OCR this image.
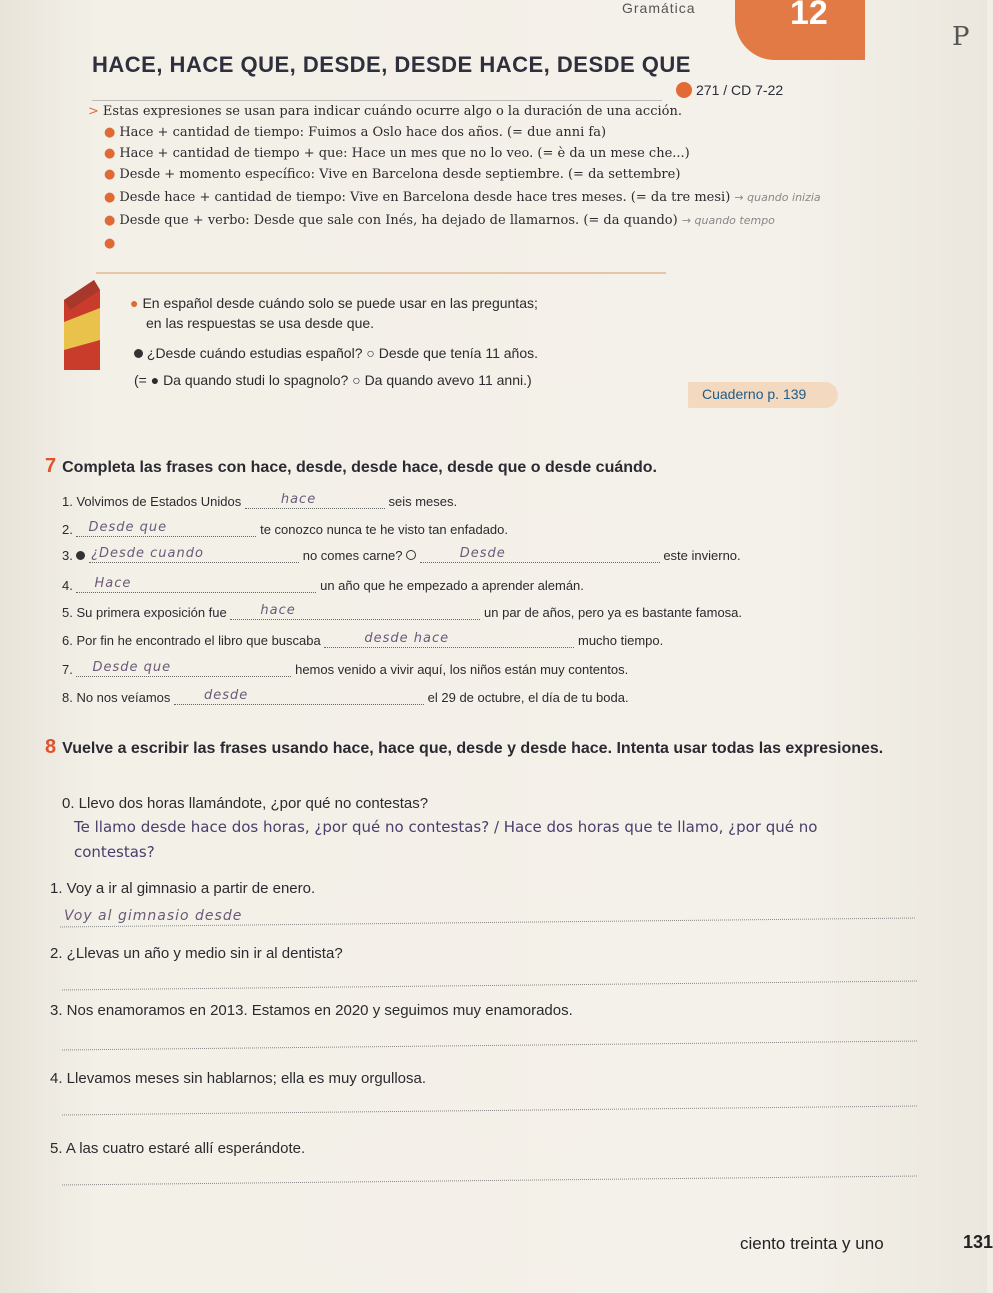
Gramática	12
P
HACE, HACE QUE, DESDE, DESDE HACE, DESDE QUE
271 / CD 7-22
> Estas expresiones se usan para indicar cuándo ocurre algo o la duración de una acción.
● Hace + cantidad de tiempo: Fuimos a Oslo hace dos años. (= due anni fa)
● Hace + cantidad de tiempo + que: Hace un mes que no lo veo. (= è da un mese che...)
● Desde + momento específico: Vive en Barcelona desde septiembre. (= da settembre)
● Desde hace + cantidad de tiempo: Vive en Barcelona desde hace tres meses. (= da tre mesi) → quando inizia
● Desde que + verbo: Desde que sale con Inés, ha dejado de llamarnos. (= da quando) → quando tempo
●
● En español desde cuándo solo se puede usar en las preguntas;
en las respuestas se usa desde que.
¿Desde cuándo estudias español? ○ Desde que tenía 11 años.
(= ● Da quando studi lo spagnolo? ○ Da quando avevo 11 anni.)
Cuaderno p. 139
7 Completa las frases con hace, desde, desde hace, desde que o desde cuándo.
1. Volvimos de Estados Unidos	hace	seis meses.
2. Desde que	te conozco nunca te he visto tan enfadado.
3. ¿Desde cuando	no comes carne?	Desde	este invierno.
4. Hace	un año que he empezado a aprender alemán.
5. Su primera exposición fue	hace	un par de años, pero ya es bastante famosa.
6. Por fin he encontrado el libro que buscaba	desde hace	mucho tiempo.
7. Desde que	hemos venido a vivir aquí, los niños están muy contentos.
8. No nos veíamos	desde	el 29 de octubre, el día de tu boda.
8 Vuelve a escribir las frases usando hace, hace que, desde y desde hace. Intenta usar todas las expresiones.
0. Llevo dos horas llamándote, ¿por qué no contestas?
Te llamo desde hace dos horas, ¿por qué no contestas? / Hace dos horas que te llamo, ¿por qué no contestas?
1. Voy a ir al gimnasio a partir de enero.
Voy al gimnasio desde
2. ¿Llevas un año y medio sin ir al dentista?
3. Nos enamoramos en 2013. Estamos en 2020 y seguimos muy enamorados.
4. Llevamos meses sin hablarnos; ella es muy orgullosa.
5. A las cuatro estaré allí esperándote.
ciento treinta y uno	131
